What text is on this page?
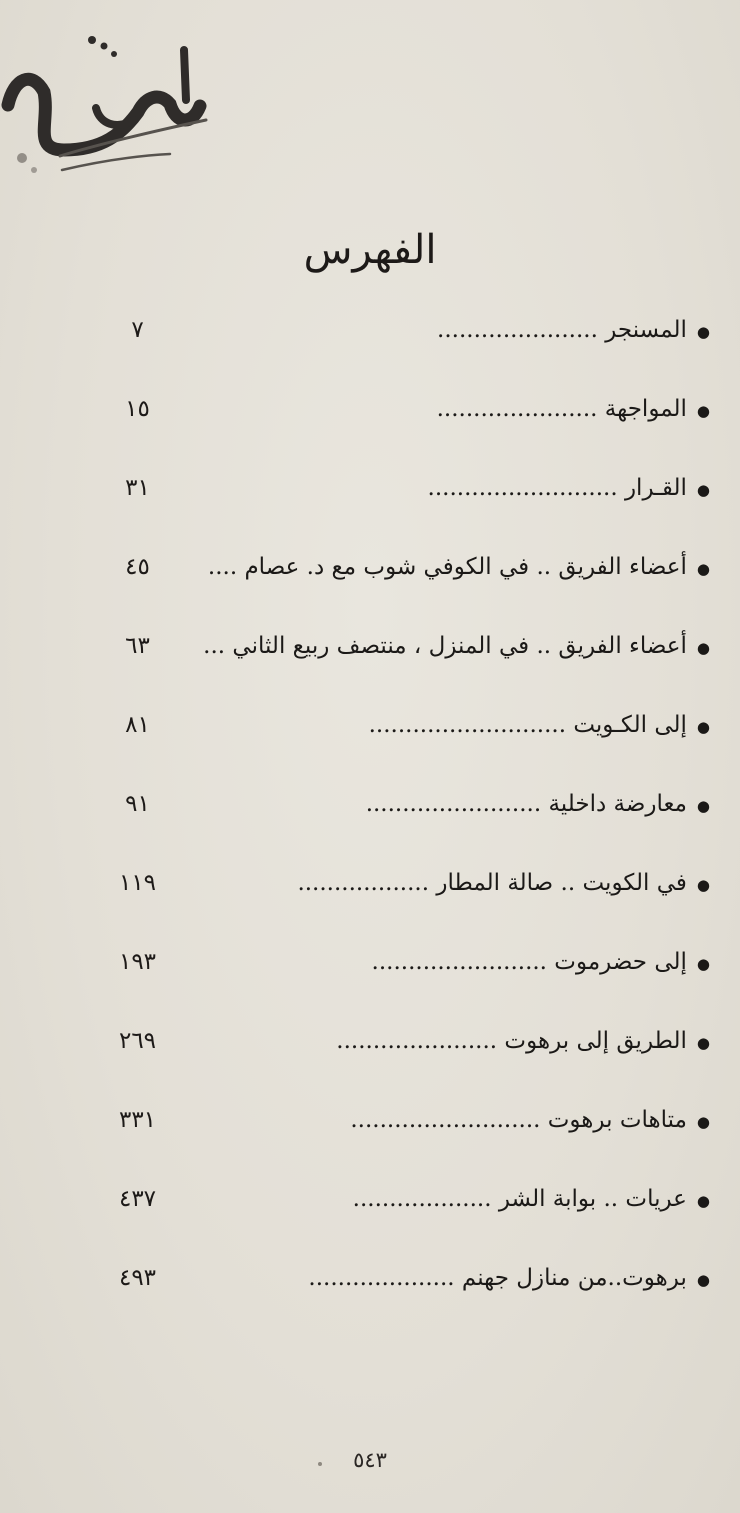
الفهرس
●المسنجر ......................
٧
●المواجهة ......................
١٥
●القـرار ..........................
٣١
●أعضاء الفريق .. في الكوفي شوب مع د. عصام ....
٤٥
●أعضاء الفريق .. في المنزل ، منتصف ربيع الثاني ...
٦٣
●إلى الكـويت ...........................
٨١
●معارضة داخلية ........................
٩١
●في الكويت .. صالة المطار ..................
١١٩
●إلى حضرموت ........................
١٩٣
●الطريق إلى برهوت ......................
٢٦٩
●متاهات برهوت ..........................
٣٣١
●عريات .. بوابة الشر ...................
٤٣٧
●برهوت..من منازل جهنم ....................
٤٩٣
٥٤٣
